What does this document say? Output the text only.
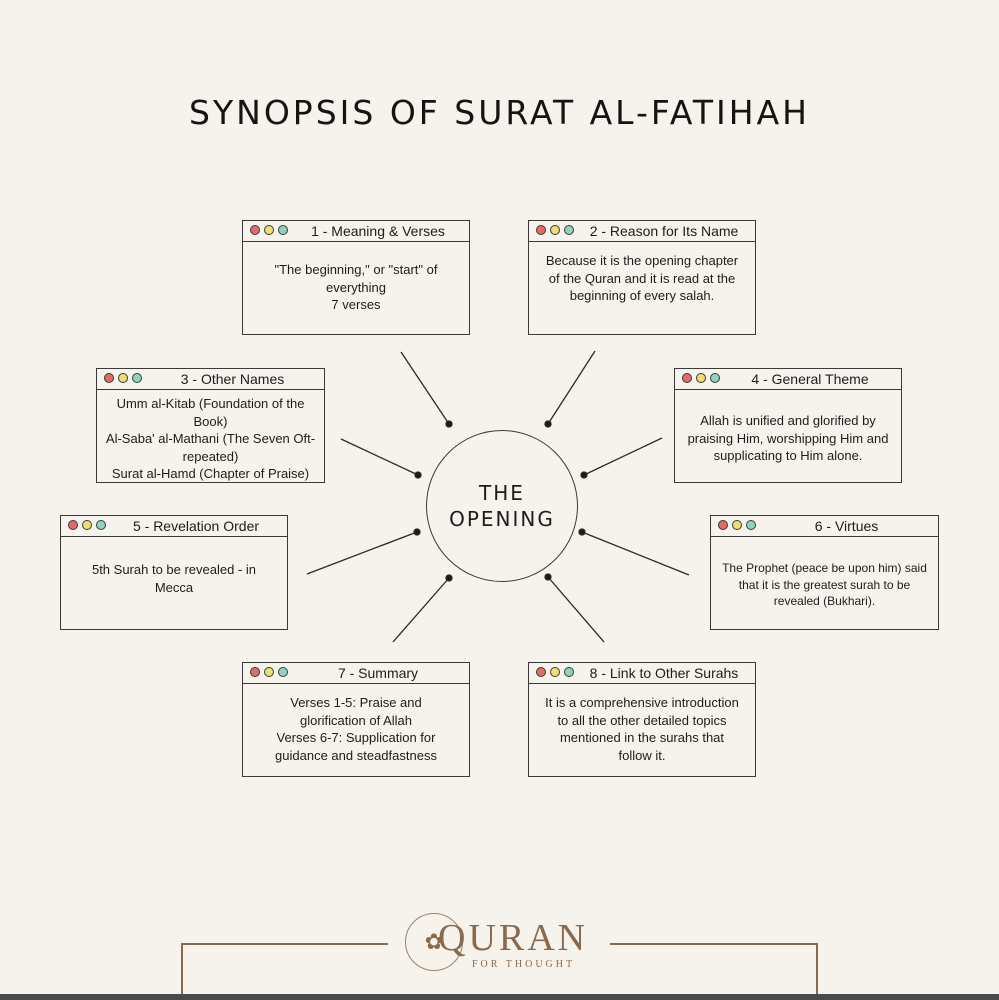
SYNOPSIS OF SURAT AL-FATIHAH
THE
OPENING
1 - Meaning & Verses

"The beginning," or "start" of everything

7 verses

2 - Reason for Its Name

Because it is the opening chapter of the Quran and it is read at the beginning of every salah.

3 - Other Names

Umm al-Kitab (Foundation of the Book)

Al-Saba' al-Mathani (The Seven Oft-repeated)

Surat al-Hamd (Chapter of Praise)

4 - General Theme

Allah is unified and glorified by praising Him, worshipping Him and supplicating to Him alone.

5 - Revelation Order

5th Surah to be revealed - in Mecca

6 - Virtues

The Prophet (peace be upon him) said that it is the greatest surah to be revealed (Bukhari).

7 - Summary

Verses 1-5: Praise and glorification of Allah

Verses 6-7: Supplication for guidance and steadfastness

8 - Link to Other Surahs

It is a comprehensive introduction to all the other detailed topics mentioned in the surahs that follow it.

✿
QURAN
FOR THOUGHT
